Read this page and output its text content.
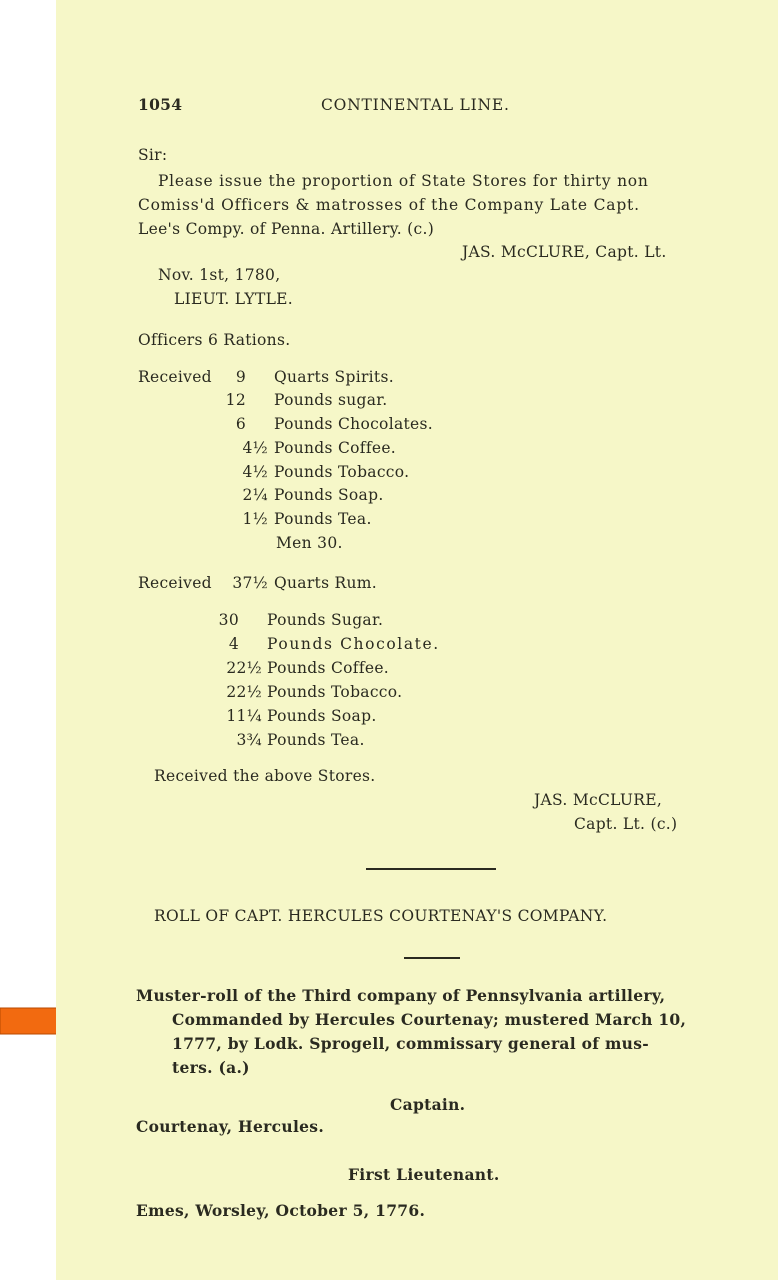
1054	CONTINENTAL LINE.
Sir:
Please issue the proportion of State Stores for thirty non
Comiss'd Officers & matrosses of the Company Late Capt.
Lee's Compy. of Penna. Artillery. (c.)
JAS. McCLURE, Capt. Lt.
Nov. 1st, 1780,
LIEUT. LYTLE.
Officers 6 Rations.
Received	9 Quarts Spirits.
12 Pounds sugar.
6 Pounds Chocolates.
4½ Pounds Coffee.
4½ Pounds Tobacco.
2¼ Pounds Soap.
1½ Pounds Tea.
Men 30.
Received	37½ Quarts Rum.
30 Pounds Sugar.
4 Pounds Chocolate.
22½ Pounds Coffee.
22½ Pounds Tobacco.
11¼ Pounds Soap.
3¾ Pounds Tea.
Received the above Stores.
JAS. McCLURE,
Capt. Lt. (c.)
ROLL OF CAPT. HERCULES COURTENAY'S COMPANY.
Muster-roll of the Third company of Pennsylvania artillery,
Commanded by Hercules Courtenay; mustered March 10,
1777, by Lodk. Sprogell, commissary general of mus-
ters. (a.)
Captain.
Courtenay, Hercules.
First Lieutenant.
Emes, Worsley, October 5, 1776.
